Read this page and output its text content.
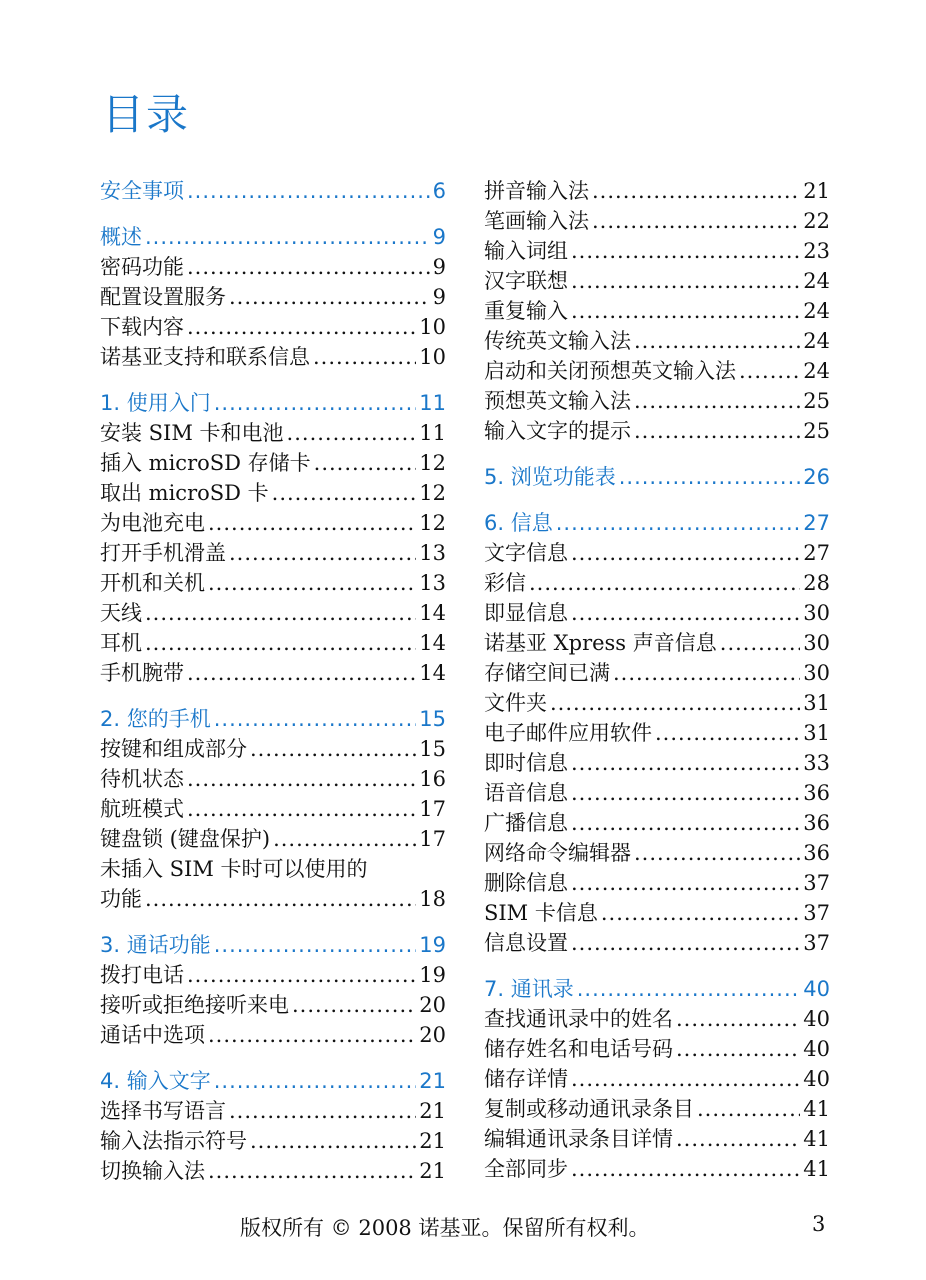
目录
安全事项 .....	6
概述 .....	9
密码功能 .....	9
配置设置服务 .....	9
下载内容 .....	10
诺基亚支持和联系信息 .....	10
1. 使用入门 .....	11
安装 SIM 卡和电池 .....	11
插入 microSD 存储卡 .....	12
取出 microSD 卡 .....	12
为电池充电 .....	12
打开手机滑盖 .....	13
开机和关机 .....	13
天线 .....	14
耳机 .....	14
手机腕带 .....	14
2. 您的手机 .....	15
按键和组成部分 .....	15
待机状态 .....	16
航班模式 .....	17
键盘锁 (键盘保护) .....	17
未插入 SIM 卡时可以使用的
功能 .....	18
3. 通话功能 .....	19
拨打电话 .....	19
接听或拒绝接听来电 .....	20
通话中选项 .....	20
4. 输入文字 .....	21
选择书写语言 .....	21
输入法指示符号 .....	21
切换输入法 .....	21
拼音输入法 .....	21
笔画输入法 .....	22
输入词组 .....	23
汉字联想 .....	24
重复输入 .....	24
传统英文输入法 .....	24
启动和关闭预想英文输入法 .....	24
预想英文输入法 .....	25
输入文字的提示 .....	25
5. 浏览功能表 .....	26
6. 信息 .....	27
文字信息 .....	27
彩信 .....	28
即显信息 .....	30
诺基亚 Xpress 声音信息 .....	30
存储空间已满 .....	30
文件夹 .....	31
电子邮件应用软件 .....	31
即时信息 .....	33
语音信息 .....	36
广播信息 .....	36
网络命令编辑器 .....	36
删除信息 .....	37
SIM 卡信息 .....	37
信息设置 .....	37
7. 通讯录 .....	40
查找通讯录中的姓名 .....	40
储存姓名和电话号码 .....	40
储存详情 .....	40
复制或移动通讯录条目 .....	41
编辑通讯录条目详情 .....	41
全部同步 .....	41
版权所有 © 2008 诺基亚。保留所有权利。	3
